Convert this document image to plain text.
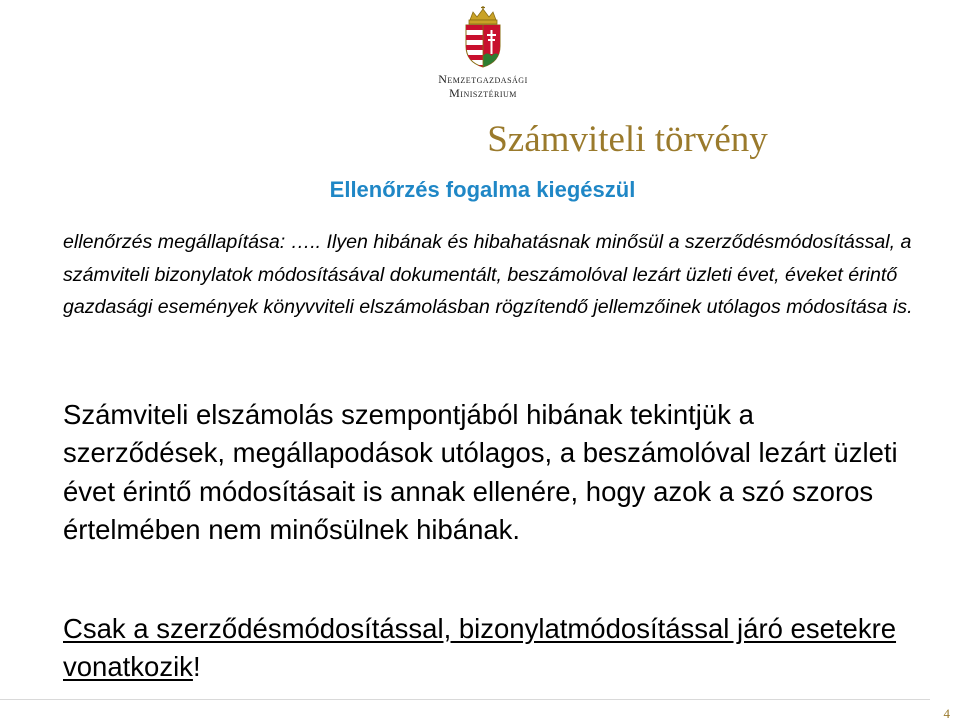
Nemzetgazdasági
Minisztérium
Számviteli törvény
Ellenőrzés fogalma kiegészül
ellenőrzés megállapítása: ….. Ilyen hibának és hibahatásnak minősül a szerződésmódosítással, a számviteli bizonylatok módosításával dokumentált, beszámolóval lezárt üzleti évet, éveket érintő gazdasági események könyvviteli elszámolásban rögzítendő jellemzőinek utólagos módosítása is.
Számviteli elszámolás szempontjából hibának tekintjük a szerződések, megállapodások utólagos, a beszámolóval lezárt üzleti évet érintő módosításait is annak ellenére, hogy azok a szó szoros értelmében nem minősülnek hibának.
Csak a szerződésmódosítással, bizonylatmódosítással járó esetekre vonatkozik!
4
